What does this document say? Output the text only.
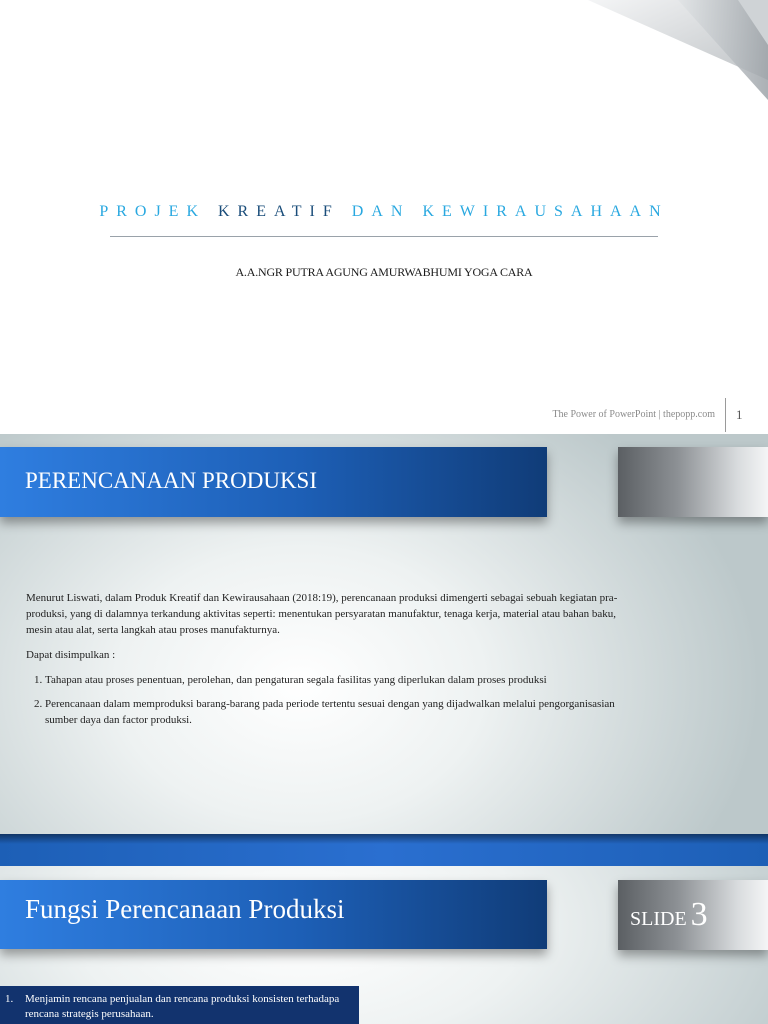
PROJEK KREATIF DAN KEWIRAUSAHAAN
A.A.NGR PUTRA AGUNG AMURWABHUMI YOGA CARA
The Power of PowerPoint | thepopp.com 1
PERENCANAAN PRODUKSI

Menurut Liswati, dalam Produk Kreatif dan Kewirausahaan (2018:19), perencanaan produksi dimengerti sebagai sebuah kegiatan pra-produksi, yang di dalamnya terkandung aktivitas seperti: menentukan persyaratan manufaktur, tenaga kerja, material atau bahan baku, mesin atau alat, serta langkah atau proses manufakturnya.

Dapat disimpulkan :

1. Tahapan atau proses penentuan, perolehan, dan pengaturan segala fasilitas yang diperlukan dalam proses produksi
2. Perencanaan dalam memproduksi barang-barang pada periode tertentu sesuai dengan yang dijadwalkan melalui pengorganisasian sumber daya dan factor produksi.
Fungsi Perencanaan Produksi	SLIDE 3
1. Menjamin rencana penjualan dan rencana produksi konsisten terhadapa rencana strategis perusahaan.
